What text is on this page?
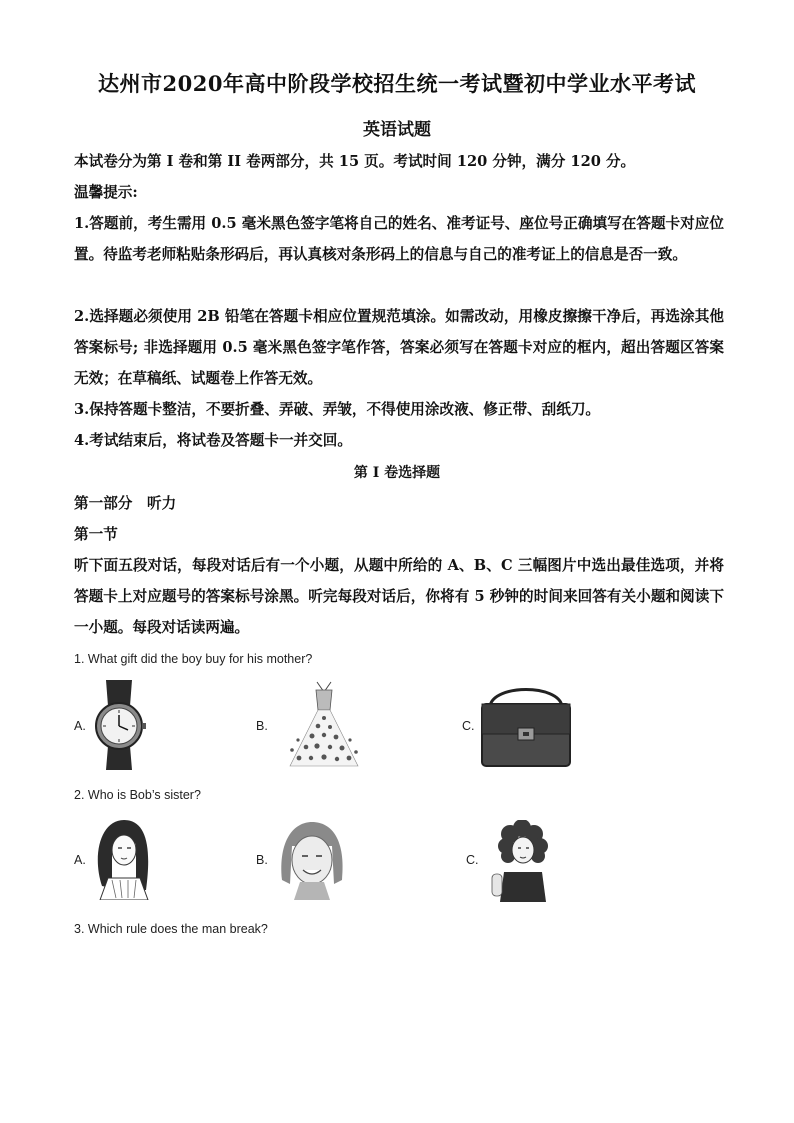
达州市2020年高中阶段学校招生统一考试暨初中学业水平考试
英语试题
本试卷分为第 I 卷和第 II 卷两部分，共 15 页。考试时间 120 分钟，满分 120 分。
温馨提示:
1.答题前，考生需用 0.5 毫米黑色签字笔将自己的姓名、准考证号、座位号正确填写在答题卡对应位置。待监考老师粘贴条形码后，再认真核对条形码上的信息与自己的准考证上的信息是否一致。
2.选择题必须使用 2B 铅笔在答题卡相应位置规范填涂。如需改动，用橡皮擦擦干净后，再选涂其他答案标号; 非选择题用 0.5 毫米黑色签字笔作答，答案必须写在答题卡对应的框内，超出答题区答案无效；在草稿纸、试题卷上作答无效。
3.保持答题卡整洁，不要折叠、弄破、弄皱，不得使用涂改液、修正带、刮纸刀。
4.考试结束后，将试卷及答题卡一并交回。
第 I 卷选择题
第一部分　听力
第一节
听下面五段对话，每段对话后有一个小题，从题中所给的 A、B、C 三幅图片中选出最佳选项，并将答题卡上对应题号的答案标号涂黑。听完每段对话后，你将有 5 秒钟的时间来回答有关小题和阅读下一小题。每段对话读两遍。
1. What gift did the boy buy for his mother?
A.	B.	C.
2. Who is Bob’s sister?
A.	B.	C.
3. Which rule does the man break?
